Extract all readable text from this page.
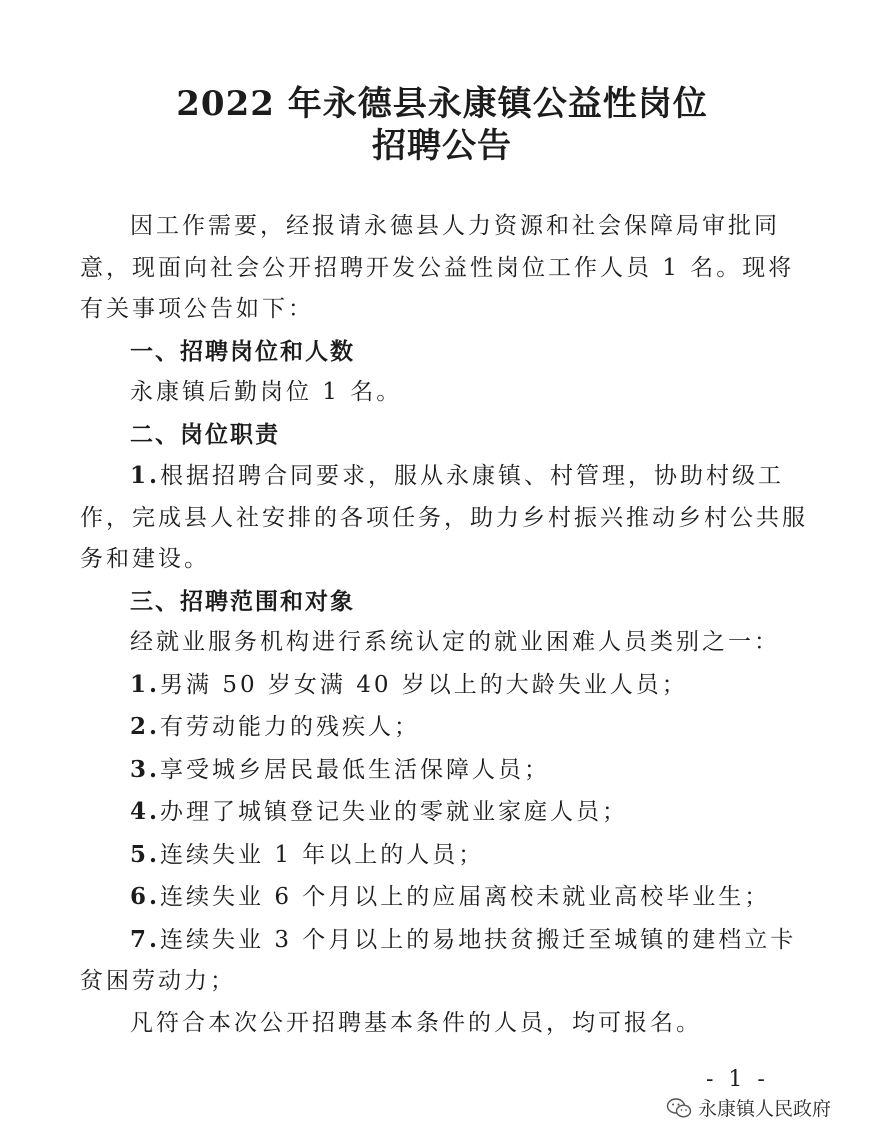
2022 年永德县永康镇公益性岗位
招聘公告

因工作需要，经报请永德县人力资源和社会保障局审批同意，现面向社会公开招聘开发公益性岗位工作人员 1 名。现将有关事项公告如下：

一、招聘岗位和人数

永康镇后勤岗位 1 名。

二、岗位职责

1.根据招聘合同要求，服从永康镇、村管理，协助村级工作，完成县人社安排的各项任务，助力乡村振兴推动乡村公共服务和建设。

三、招聘范围和对象

经就业服务机构进行系统认定的就业困难人员类别之一：

1.男满 50 岁女满 40 岁以上的大龄失业人员；

2.有劳动能力的残疾人；

3.享受城乡居民最低生活保障人员；

4.办理了城镇登记失业的零就业家庭人员；

5.连续失业 1 年以上的人员；

6.连续失业 6 个月以上的应届离校未就业高校毕业生；

7.连续失业 3 个月以上的易地扶贫搬迁至城镇的建档立卡贫困劳动力；

凡符合本次公开招聘基本条件的人员，均可报名。

- 1 -
永康镇人民政府
